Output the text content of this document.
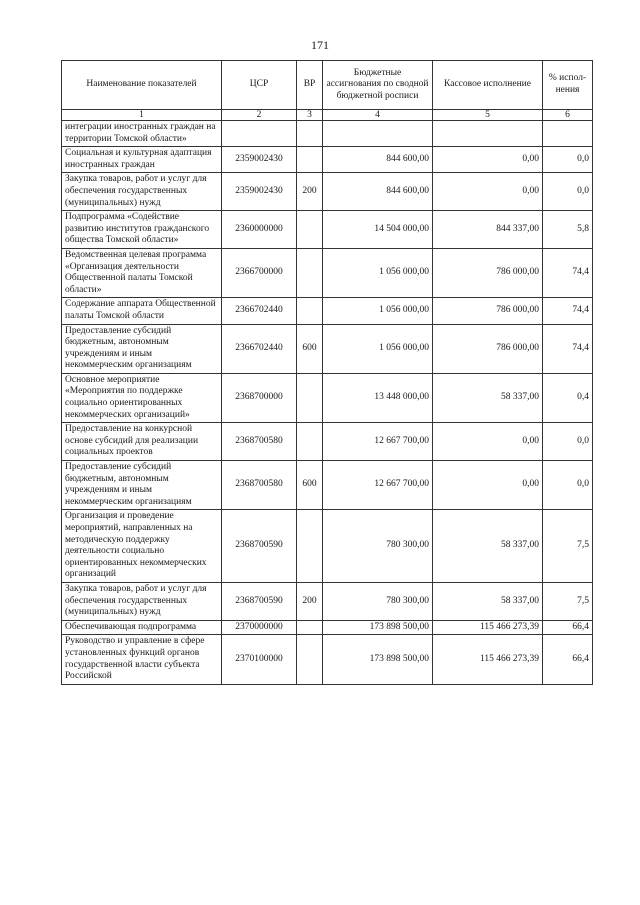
171
Наименование показателей	ЦСР	ВР	Бюджетные ассигнования по сводной бюджетной росписи	Кассовое исполнение	% испол-нения
1	2	3	4	5	6
интеграции иностранных граждан на территории Томской области»					
Социальная и культурная адаптация иностранных граждан	2359002430		844 600,00	0,00	0,0
Закупка товаров, работ и услуг для обеспечения государственных (муниципальных) нужд	2359002430	200	844 600,00	0,00	0,0
Подпрограмма «Содействие развитию институтов гражданского общества Томской области»	2360000000		14 504 000,00	844 337,00	5,8
Ведомственная целевая программа «Организация деятельности Общественной палаты Томской области»	2366700000		1 056 000,00	786 000,00	74,4
Содержание аппарата Общественной палаты Томской области	2366702440		1 056 000,00	786 000,00	74,4
Предоставление субсидий бюджетным, автономным учреждениям и иным некоммерческим организациям	2366702440	600	1 056 000,00	786 000,00	74,4
Основное мероприятие «Мероприятия по поддержке социально ориентированных некоммерческих организаций»	2368700000		13 448 000,00	58 337,00	0,4
Предоставление на конкурсной основе субсидий для реализации социальных проектов	2368700580		12 667 700,00	0,00	0,0
Предоставление субсидий бюджетным, автономным учреждениям и иным некоммерческим организациям	2368700580	600	12 667 700,00	0,00	0,0
Организация и проведение мероприятий, направленных на методическую поддержку деятельности социально ориентированных некоммерческих организаций	2368700590		780 300,00	58 337,00	7,5
Закупка товаров, работ и услуг для обеспечения государственных (муниципальных) нужд	2368700590	200	780 300,00	58 337,00	7,5
Обеспечивающая подпрограмма	2370000000		173 898 500,00	115 466 273,39	66,4
Руководство и управление в сфере установленных функций органов государственной власти субъекта Российской	2370100000		173 898 500,00	115 466 273,39	66,4
